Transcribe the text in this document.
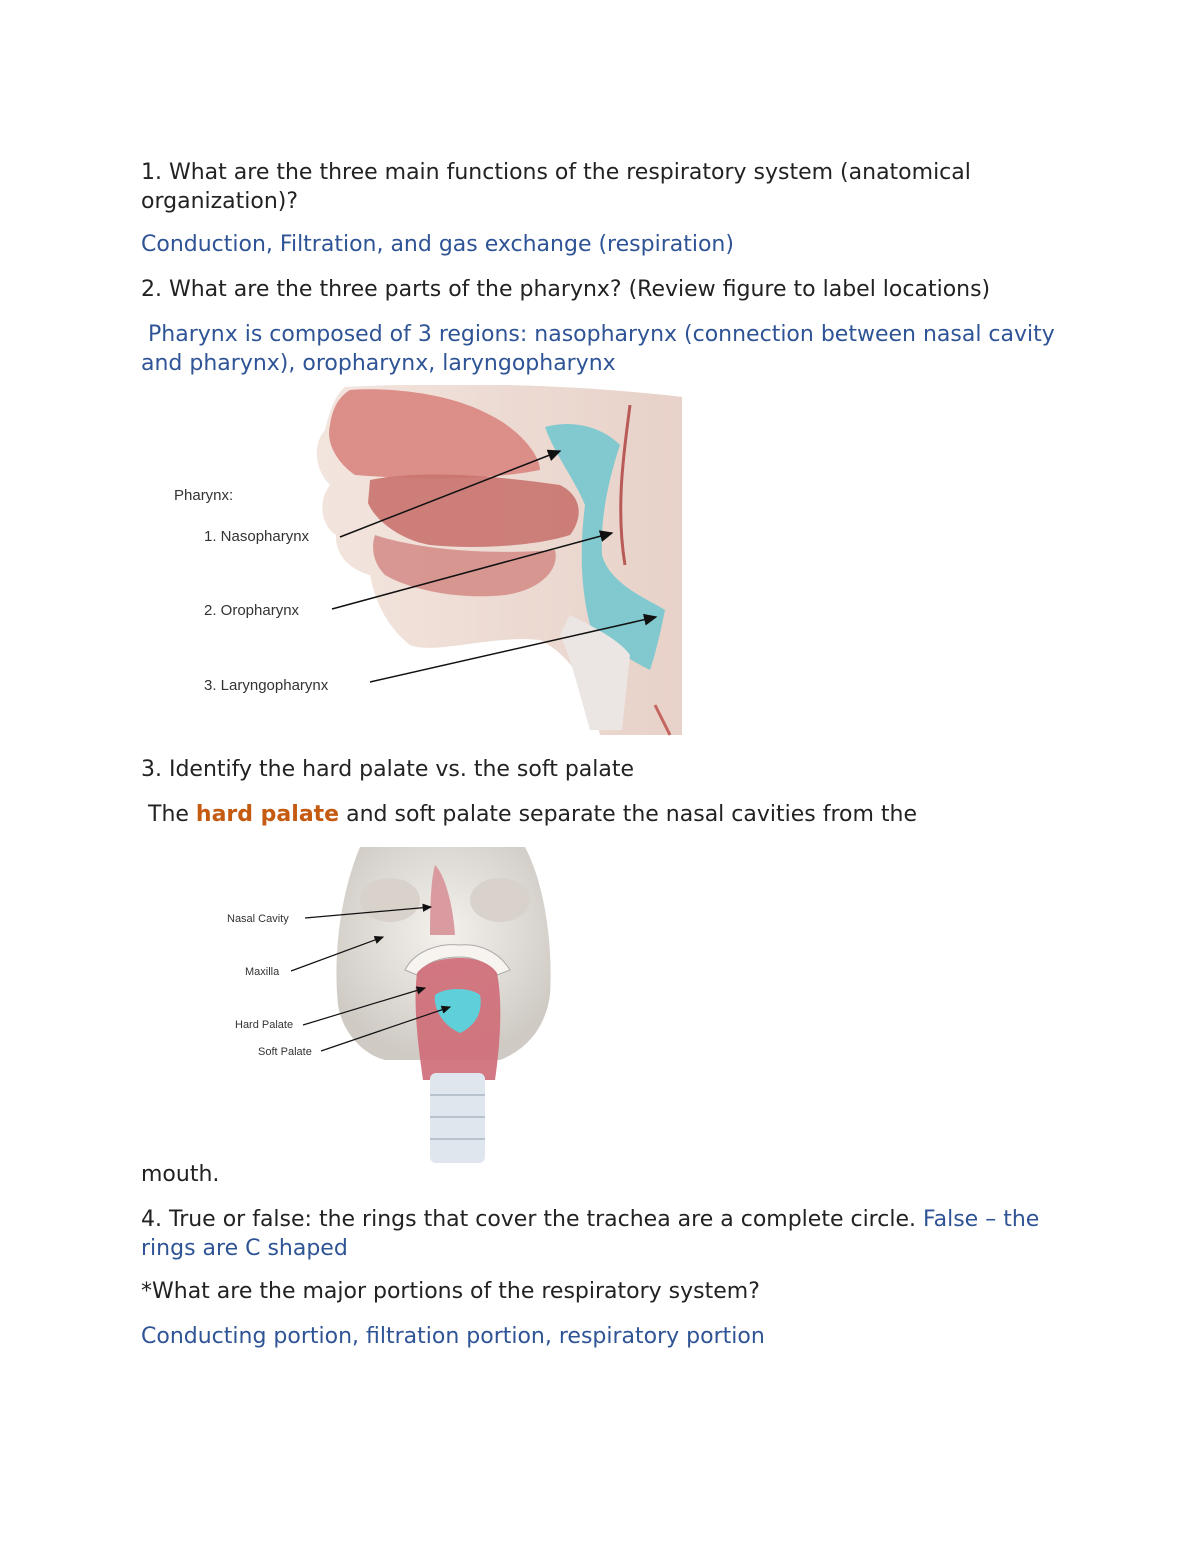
1. What are the three main functions of the respiratory system (anatomical organization)?

Conduction, Filtration, and gas exchange (respiration)

2. What are the three parts of the pharynx? (Review figure to label locations)

Pharynx is composed of 3 regions: nasopharynx (connection between nasal cavity and pharynx), oropharynx, laryngopharynx

Pharynx:
1. Nasopharynx
2. Oropharynx
3. Laryngopharynx

3. Identify the hard palate vs. the soft palate

The hard palate and soft palate separate the nasal cavities from the

Nasal Cavity
Maxilla
Hard Palate
Soft Palate

mouth.

4. True or false: the rings that cover the trachea are a complete circle. False – the rings are C shaped

*What are the major portions of the respiratory system?

Conducting portion, filtration portion, respiratory portion
